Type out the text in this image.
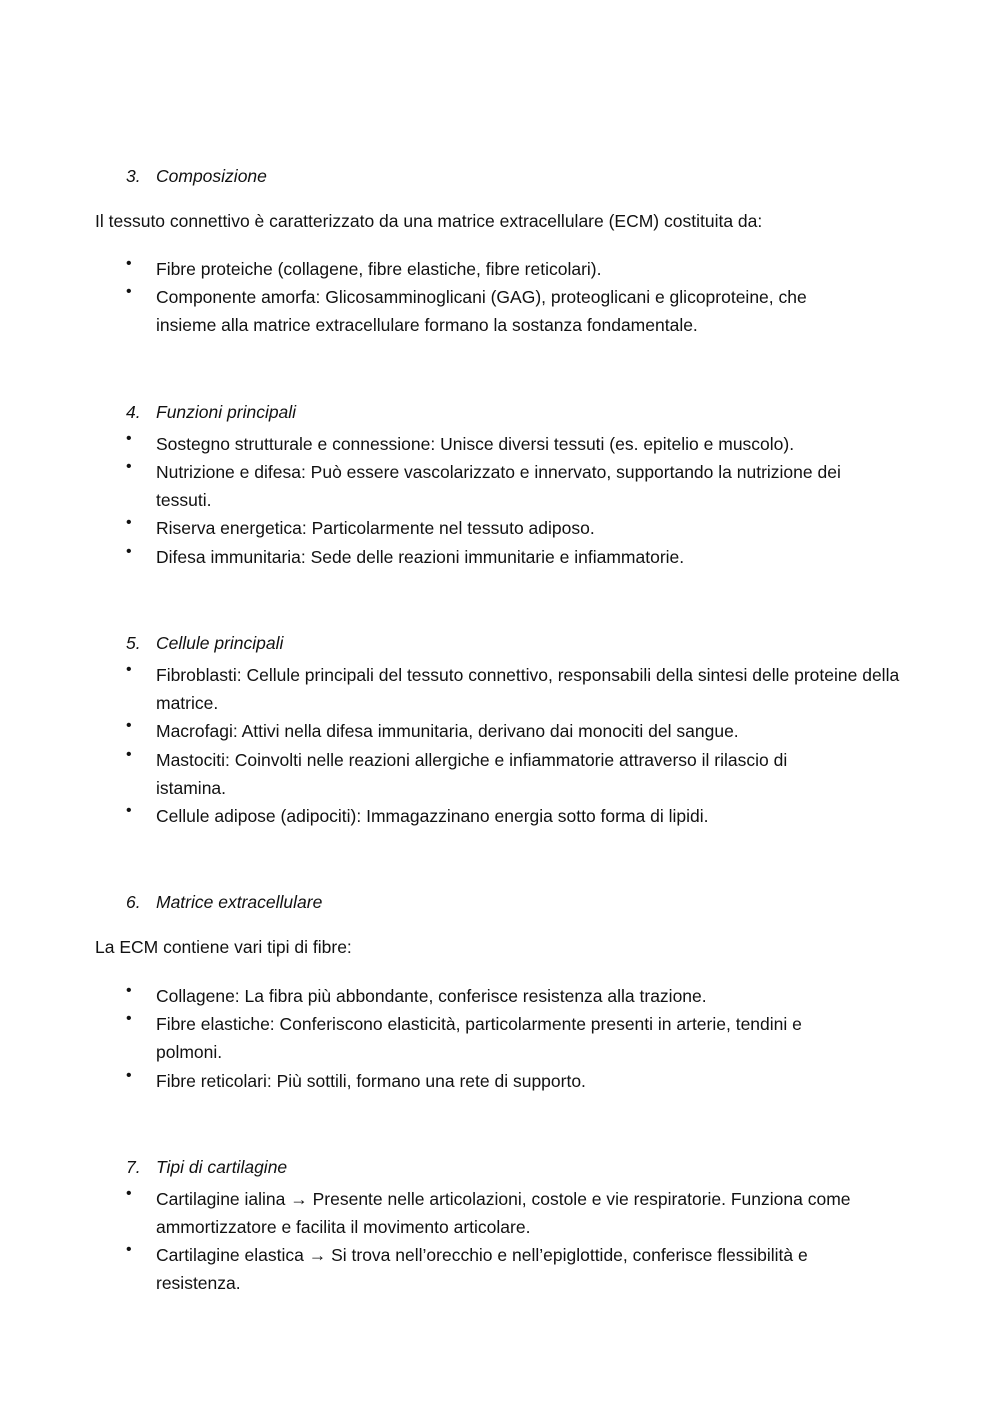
3. Composizione
Il tessuto connettivo è caratterizzato da una matrice extracellulare (ECM) costituita da:
• Fibre proteiche (collagene, fibre elastiche, fibre reticolari).
• Componente amorfa: Glicosamminoglicani (GAG), proteoglicani e glicoproteine, che insieme alla matrice extracellulare formano la sostanza fondamentale.
4. Funzioni principali
• Sostegno strutturale e connessione: Unisce diversi tessuti (es. epitelio e muscolo).
• Nutrizione e difesa: Può essere vascolarizzato e innervato, supportando la nutrizione dei tessuti.
• Riserva energetica: Particolarmente nel tessuto adiposo.
• Difesa immunitaria: Sede delle reazioni immunitarie e infiammatorie.
5. Cellule principali
• Fibroblasti: Cellule principali del tessuto connettivo, responsabili della sintesi delle proteine della matrice.
• Macrofagi: Attivi nella difesa immunitaria, derivano dai monociti del sangue.
• Mastociti: Coinvolti nelle reazioni allergiche e infiammatorie attraverso il rilascio di istamina.
• Cellule adipose (adipociti): Immagazzinano energia sotto forma di lipidi.
6. Matrice extracellulare
La ECM contiene vari tipi di fibre:
• Collagene: La fibra più abbondante, conferisce resistenza alla trazione.
• Fibre elastiche: Conferiscono elasticità, particolarmente presenti in arterie, tendini e polmoni.
• Fibre reticolari: Più sottili, formano una rete di supporto.
7. Tipi di cartilagine
• Cartilagine ialina → Presente nelle articolazioni, costole e vie respiratorie. Funziona come ammortizzatore e facilita il movimento articolare.
• Cartilagine elastica → Si trova nell’orecchio e nell’epiglottide, conferisce flessibilità e resistenza.
